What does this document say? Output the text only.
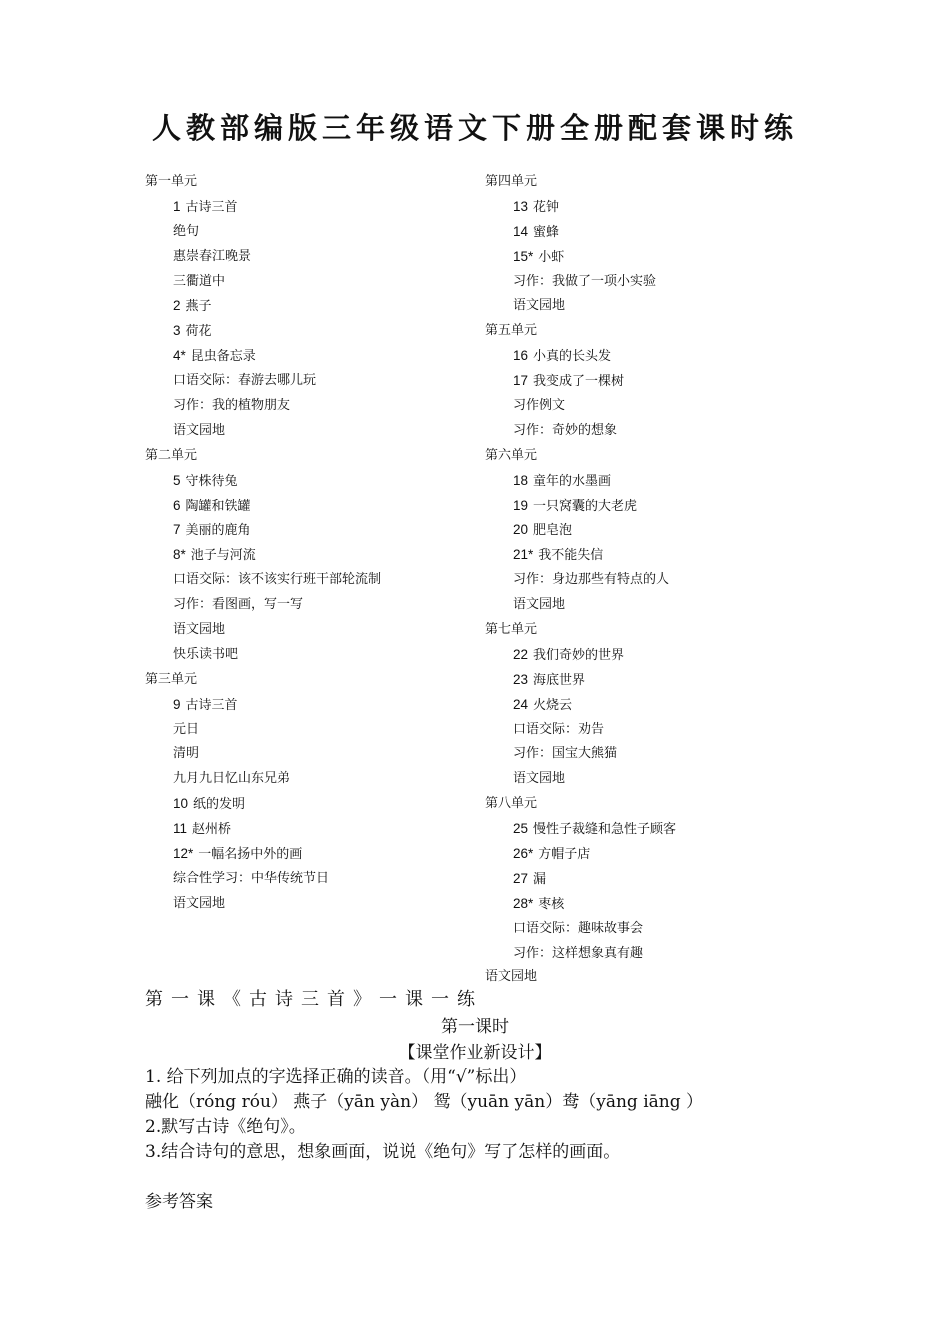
人教部编版三年级语文下册全册配套课时练
第一单元
1 古诗三首
绝句
惠崇春江晚景
三衢道中
2 燕子
3 荷花
4* 昆虫备忘录
口语交际：春游去哪儿玩
习作：我的植物朋友
语文园地
第二单元
5 守株待兔
6 陶罐和铁罐
7 美丽的鹿角
8* 池子与河流
口语交际：该不该实行班干部轮流制
习作：看图画，写一写
语文园地
快乐读书吧
第三单元
9 古诗三首
元日
清明
九月九日忆山东兄弟
10 纸的发明
11 赵州桥
12* 一幅名扬中外的画
综合性学习：中华传统节日
语文园地
第四单元
13 花钟
14 蜜蜂
15* 小虾
习作：我做了一项小实验
语文园地
第五单元
16 小真的长头发
17 我变成了一棵树
习作例文
习作：奇妙的想象
第六单元
18 童年的水墨画
19 一只窝囊的大老虎
20 肥皂泡
21* 我不能失信
习作：身边那些有特点的人
语文园地
第七单元
22 我们奇妙的世界
23 海底世界
24 火烧云
口语交际：劝告
习作：国宝大熊猫
语文园地
第八单元
25 慢性子裁缝和急性子顾客
26* 方帽子店
27 漏
28* 枣核
口语交际：趣味故事会
习作：这样想象真有趣
语文园地
第一课《古诗三首》一课一练
第一课时
【课堂作业新设计】
1. 给下列加点的字选择正确的读音。（用“√”标出）
融化（róng róu） 燕子（yān yàn） 鸳（yuān yān）鸯（yāng iāng ）
2.默写古诗《绝句》。
3.结合诗句的意思，想象画面，说说《绝句》写了怎样的画面。
参考答案
